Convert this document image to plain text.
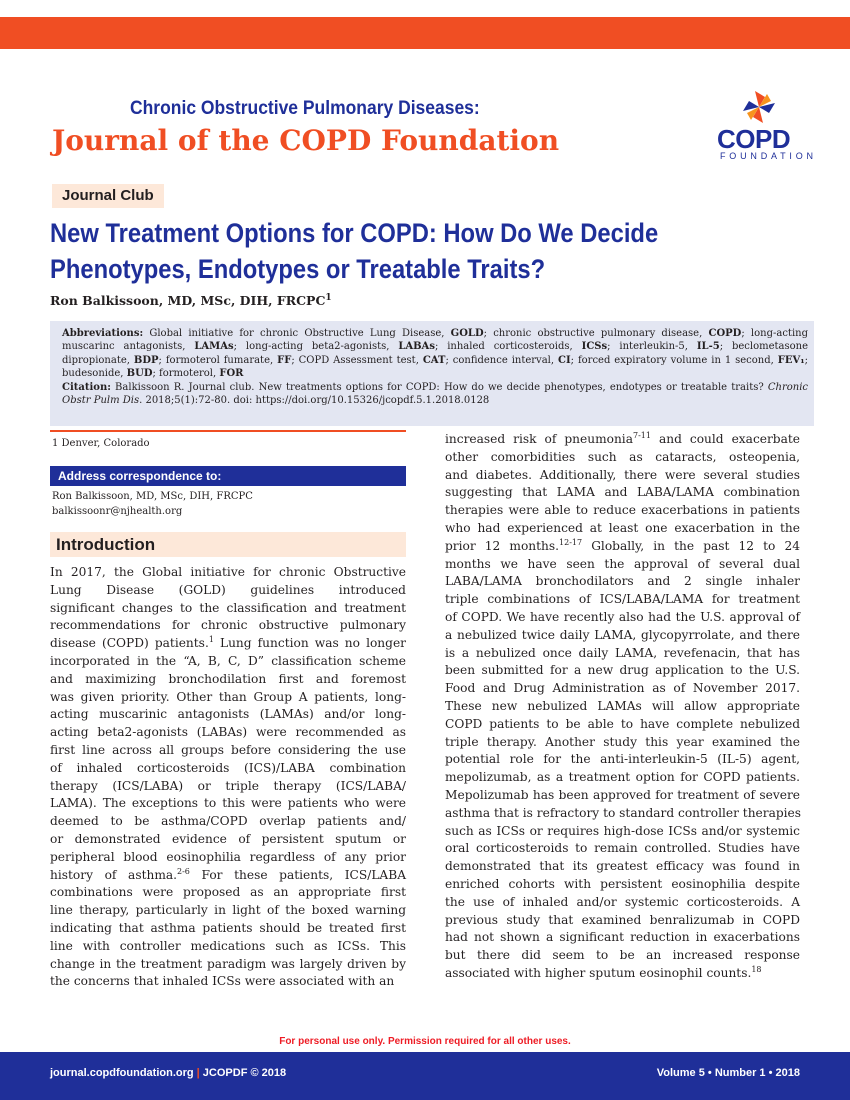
72
Chronic Obstructive Pulmonary Diseases:
Journal of the COPD Foundation	COPD
FOUNDATION
Journal Club
New Treatment Options for COPD: How Do We Decide
Phenotypes, Endotypes or Treatable Traits?
Ron Balkissoon, MD, MSc, DIH, FRCPC$^1$
Abbreviations: Global initiative for chronic Obstructive Lung Disease, GOLD; chronic obstructive pulmonary disease, COPD; long-acting muscarinc antagonists, LAMAs; long-acting beta2-agonists, LABAs; inhaled corticosteroids, ICSs; interleukin-5, IL-5; beclometasone dipropionate, BDP; formoterol fumarate, FF; COPD Assessment test, CAT; confidence interval, CI; forced expiratory volume in 1 second, FEV₁; budesonide, BUD; formoterol, FOR
Citation: Balkissoon R. Journal club. New treatments options for COPD: How do we decide phenotypes, endotypes or treatable traits? Chronic Obstr Pulm Dis. 2018;5(1):72-80. doi: https://doi.org/10.15326/jcopdf.5.1.2018.0128
1 Denver, Colorado
Address correspondence to:
Ron Balkissoon, MD, MSc, DIH, FRCPC
balkissoonr@njhealth.org
Introduction
In 2017, the Global initiative for chronic Obstructive
Lung Disease (GOLD) guidelines introduced
significant changes to the classification and treatment
recommendations for chronic obstructive pulmonary
disease (COPD) patients.$^1$ Lung function was no longer
incorporated in the “A, B, C, D” classification scheme
and maximizing bronchodilation first and foremost
was given priority. Other than Group A patients, long-
acting muscarinic antagonists (LAMAs) and/or long-
acting beta2-agonists (LABAs) were recommended as
first line across all groups before considering the use
of inhaled corticosteroids (ICS)/LABA combination
therapy (ICS/LABA) or triple therapy (ICS/LABA/
LAMA). The exceptions to this were patients who were
deemed to be asthma/COPD overlap patients and/
or demonstrated evidence of persistent sputum or
peripheral blood eosinophilia regardless of any prior
history of asthma.$^{2-6}$ For these patients, ICS/LABA
combinations were proposed as an appropriate first
line therapy, particularly in light of the boxed warning
indicating that asthma patients should be treated first
line with controller medications such as ICSs. This
change in the treatment paradigm was largely driven by
the concerns that inhaled ICSs were associated with an
increased risk of pneumonia$^{7-11}$ and could exacerbate
other comorbidities such as cataracts, osteopenia,
and diabetes. Additionally, there were several studies
suggesting that LAMA and LABA/LAMA combination
therapies were able to reduce exacerbations in patients
who had experienced at least one exacerbation in the
prior 12 months.$^{12-17}$ Globally, in the past 12 to 24
months we have seen the approval of several dual
LABA/LAMA bronchodilators and 2 single inhaler
triple combinations of ICS/LABA/LAMA for treatment
of COPD. We have recently also had the U.S. approval of
a nebulized twice daily LAMA, glycopyrrolate, and there
is a nebulized once daily LAMA, revefenacin, that has
been submitted for a new drug application to the U.S.
Food and Drug Administration as of November 2017.
These new nebulized LAMAs will allow appropriate
COPD patients to be able to have complete nebulized
triple therapy. Another study this year examined the
potential role for the anti-interleukin-5 (IL-5) agent,
mepolizumab, as a treatment option for COPD patients.
Mepolizumab has been approved for treatment of severe
asthma that is refractory to standard controller therapies
such as ICSs or requires high-dose ICSs and/or systemic
oral corticosteroids to remain controlled. Studies have
demonstrated that its greatest efficacy was found in
enriched cohorts with persistent eosinophilia despite
the use of inhaled and/or systemic corticosteroids. A
previous study that examined benralizumab in COPD
had not shown a significant reduction in exacerbations
but there did seem to be an increased response
associated with higher sputum eosinophil counts.$^{18}$
For personal use only. Permission required for all other uses.
journal.copdfoundation.org | JCOPDF © 2018	Volume 5 • Number 1 • 2018
